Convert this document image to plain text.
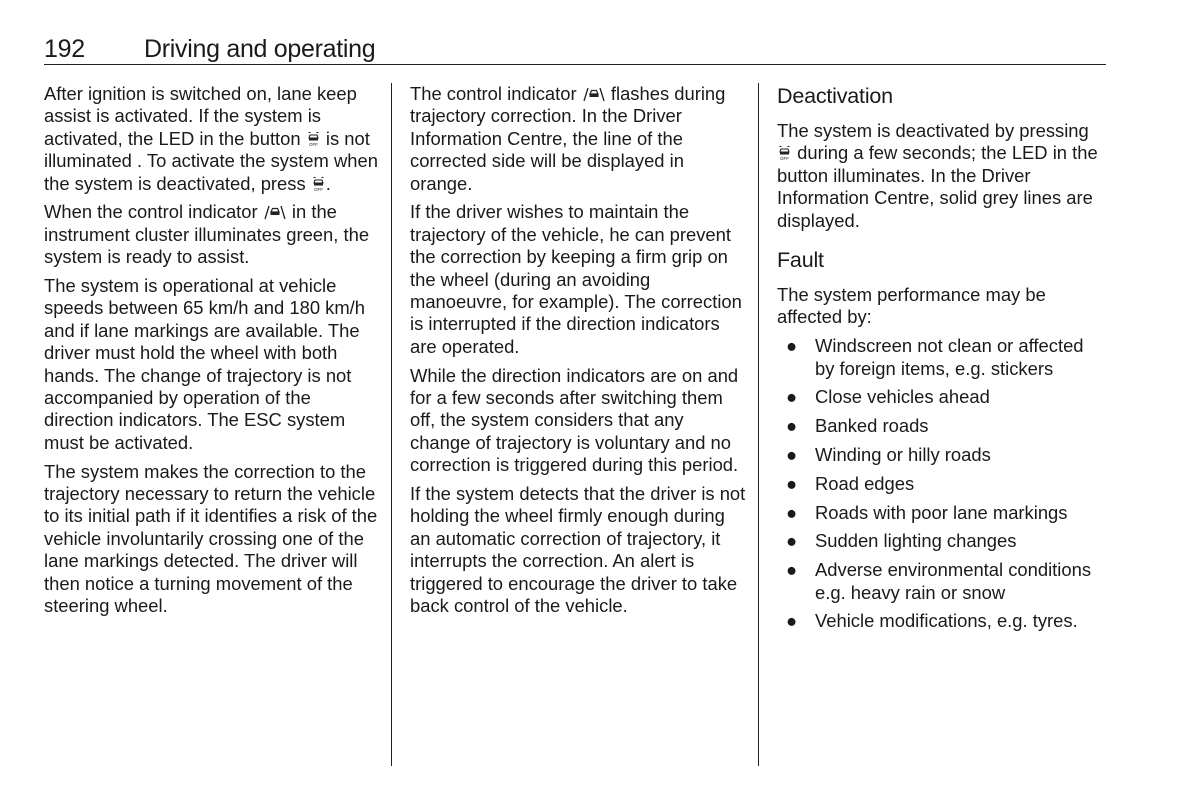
192 Driving and operating

After ignition is switched on, lane keep assist is activated. If the system is activated, the LED in the button OFF is not illuminated . To activate the system when the system is deactivated, press OFF .

When the control indicator in the instrument cluster illuminates green, the system is ready to assist.

The system is operational at vehicle speeds between 65 km/h and 180 km/h and if lane markings are available. The driver must hold the wheel with both hands. The change of trajectory is not accompanied by operation of the direction indicators. The ESC system must be activated.

The system makes the correction to the trajectory necessary to return the vehicle to its initial path if it identifies a risk of the vehicle involuntarily crossing one of the lane markings detected. The driver will then notice a turning movement of the steering wheel.

The control indicator flashes during trajectory correction. In the Driver Information Centre, the line of the corrected side will be displayed in orange.

If the driver wishes to maintain the trajectory of the vehicle, he can prevent the correction by keeping a firm grip on the wheel (during an avoiding manoeuvre, for example). The correction is interrupted if the direction indicators are operated.

While the direction indicators are on and for a few seconds after switching them off, the system considers that any change of trajectory is voluntary and no correction is triggered during this period.

If the system detects that the driver is not holding the wheel firmly enough during an automatic correction of trajectory, it interrupts the correction. An alert is triggered to encourage the driver to take back control of the vehicle.

Deactivation

The system is deactivated by pressing
OFF during a few seconds; the LED in the button illuminates. In the Driver Information Centre, solid grey lines are displayed.

Fault

The system performance may be affected by:

● Windscreen not clean or affected by foreign items, e.g. stickers
● Close vehicles ahead
● Banked roads
● Winding or hilly roads
● Road edges
● Roads with poor lane markings
● Sudden lighting changes
● Adverse environmental conditions e.g. heavy rain or snow
● Vehicle modifications, e.g. tyres.
